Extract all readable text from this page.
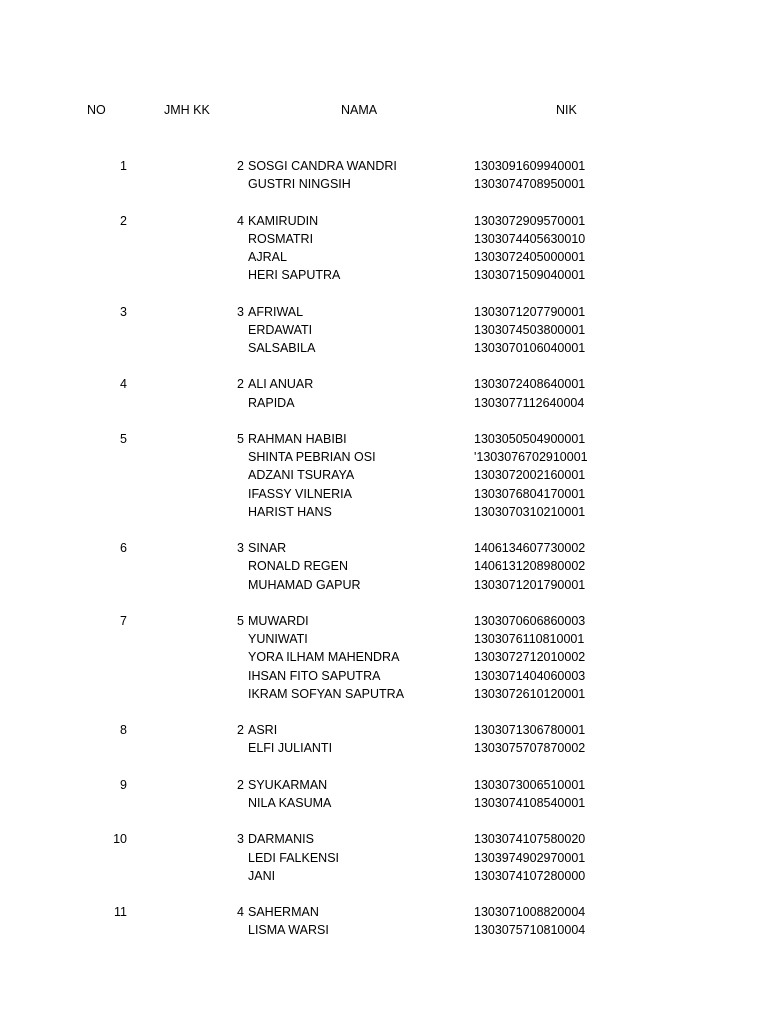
NO	JMH KK	NAMA	NIK
1	2 SOSGI CANDRA WANDRI	1303091609940001
GUSTRI NINGSIH	1303074708950001
2	4 KAMIRUDIN	1303072909570001
ROSMATRI	1303074405630010
AJRAL	1303072405000001
HERI SAPUTRA	1303071509040001
3	3 AFRIWAL	1303071207790001
ERDAWATI	1303074503800001
SALSABILA	1303070106040001
4	2 ALI ANUAR	1303072408640001
RAPIDA	1303077112640004
5	5 RAHMAN HABIBI	1303050504900001
SHINTA PEBRIAN OSI	'1303076702910001
ADZANI TSURAYA	1303072002160001
IFASSY VILNERIA	1303076804170001
HARIST HANS	1303070310210001
6	3 SINAR	1406134607730002
RONALD REGEN	1406131208980002
MUHAMAD GAPUR	1303071201790001
7	5 MUWARDI	1303070606860003
YUNIWATI	1303076110810001
YORA ILHAM MAHENDRA	1303072712010002
IHSAN FITO SAPUTRA	1303071404060003
IKRAM SOFYAN SAPUTRA	1303072610120001
8	2 ASRI	1303071306780001
ELFI JULIANTI	1303075707870002
9	2 SYUKARMAN	1303073006510001
NILA KASUMA	1303074108540001
10	3 DARMANIS	1303074107580020
LEDI FALKENSI	1303974902970001
JANI	1303074107280000
11	4 SAHERMAN	1303071008820004
LISMA WARSI	1303075710810004
